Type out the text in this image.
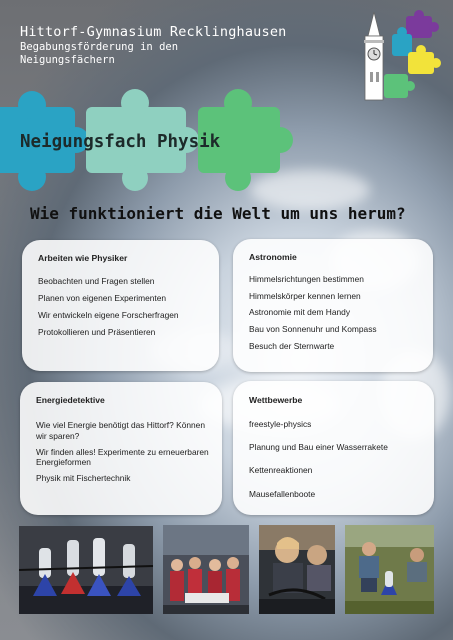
Hittorf-Gymnasium Recklinghausen
Begabungsförderung in den Neigungsfächern
Neigungsfach Physik
Wie funktioniert die Welt um uns herum?
Arbeiten wie Physiker
Beobachten und Fragen stellen
Planen von eigenen Experimenten
Wir entwickeln eigene Forscherfragen
Protokollieren und Präsentieren
Astronomie
Himmelsrichtungen bestimmen
Himmelskörper kennen lernen
Astronomie mit dem Handy
Bau von Sonnenuhr und Kompass
Besuch der Sternwarte
Energiedetektive
Wie viel Energie benötigt das Hittorf? Können wir sparen?
Wir finden alles! Experimente zu erneuerbaren Energieformen
Physik mit Fischertechnik
Wettbewerbe
freestyle-physics
Planung und Bau einer Wasserrakete
Kettenreaktionen
Mausefallenboote
